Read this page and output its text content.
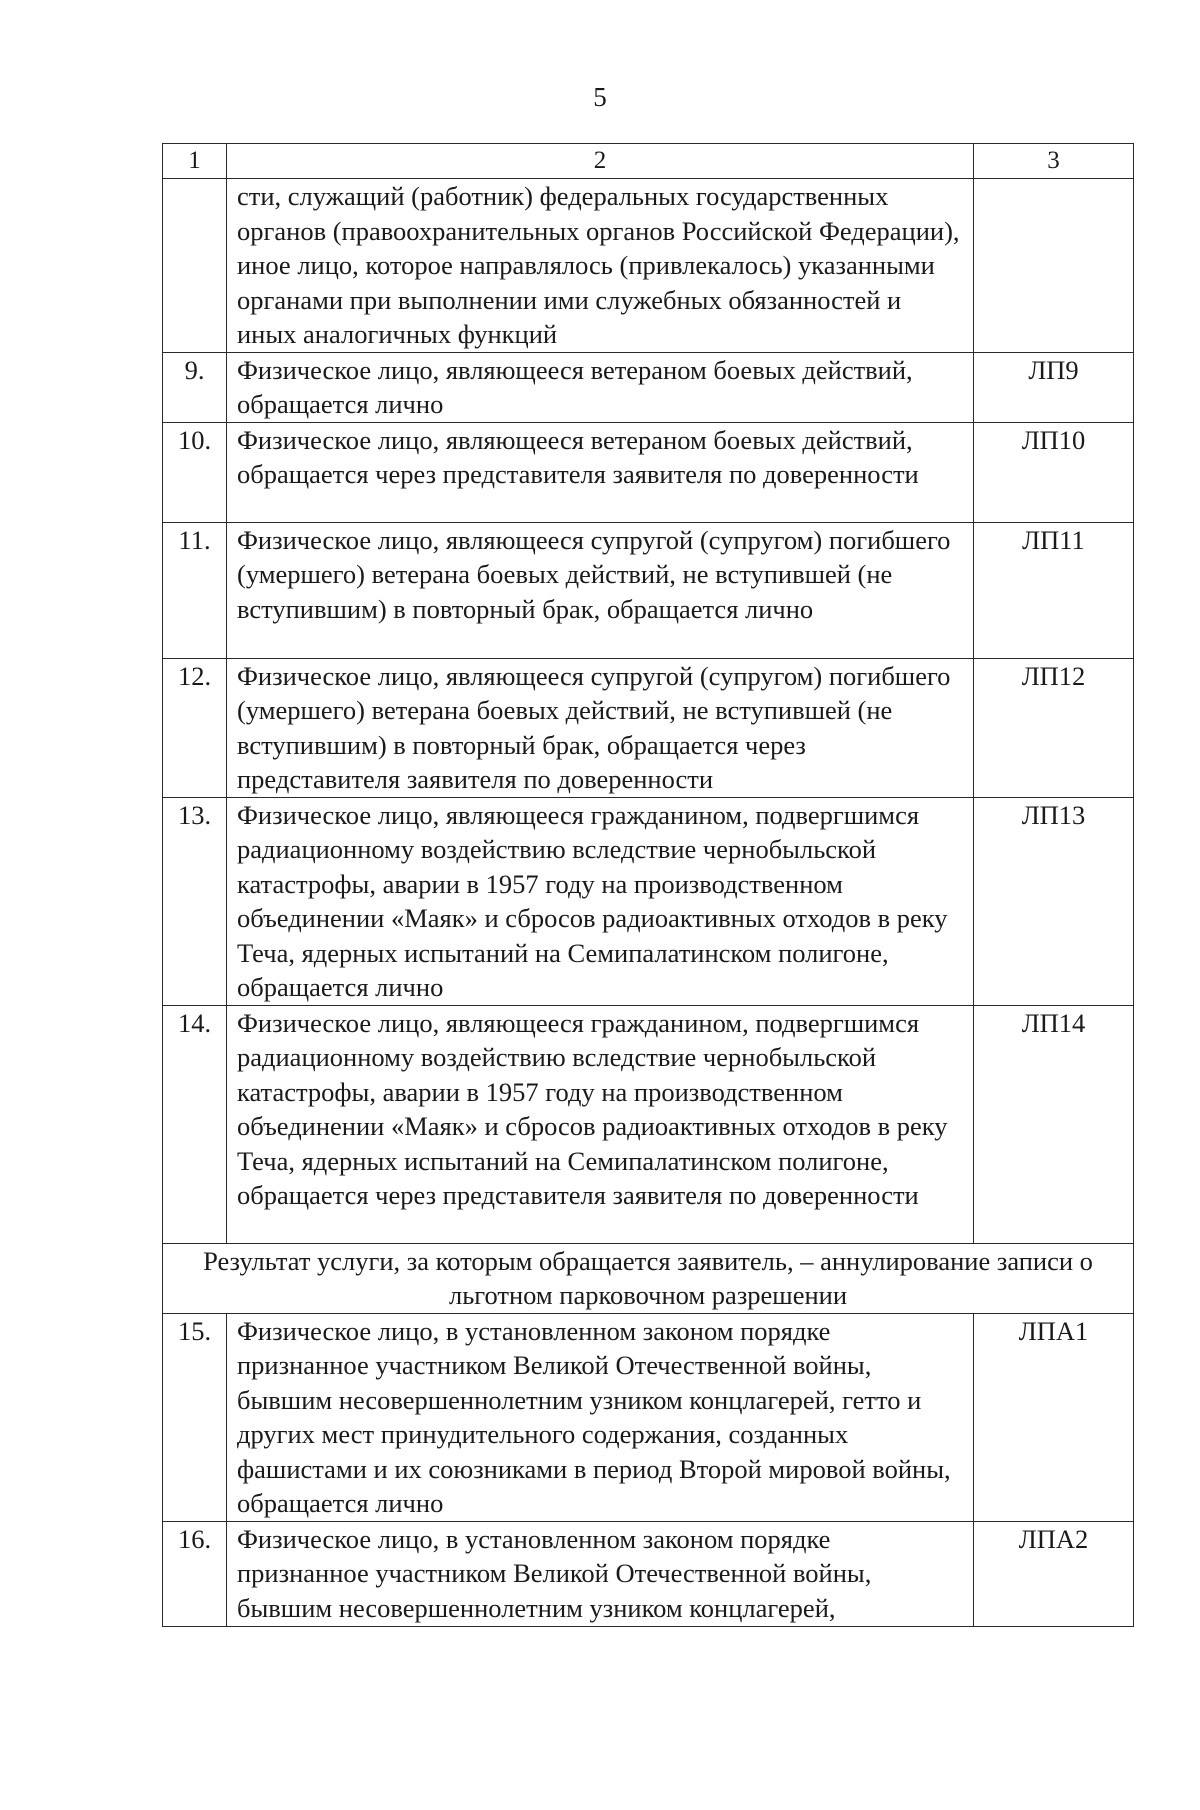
5
1	2	3
	сти, служащий (работник) федеральных государственных органов (правоохранительных органов Российской Федерации), иное лицо, которое направлялось (привлекалось) указанными органами при выполнении ими служебных обязанностей и иных аналогичных функций	
9.	Физическое лицо, являющееся ветераном боевых действий, обращается лично	ЛП9
10.	Физическое лицо, являющееся ветераном боевых действий, обращается через представителя заявителя по доверенности	ЛП10
11.	Физическое лицо, являющееся супругой (супругом) погибшего (умершего) ветерана боевых действий, не вступившей (не вступившим) в повторный брак, обращается лично	ЛП11
12.	Физическое лицо, являющееся супругой (супругом) погибшего (умершего) ветерана боевых действий, не вступившей (не вступившим) в повторный брак, обращается через представителя заявителя по доверенности	ЛП12
13.	Физическое лицо, являющееся гражданином, подвергшимся радиационному воздействию вследствие чернобыльской катастрофы, аварии в 1957 году на производственном объединении «Маяк» и сбросов радиоактивных отходов в реку Теча, ядерных испытаний на Семипалатинском полигоне, обращается лично	ЛП13
14.	Физическое лицо, являющееся гражданином, подвергшимся радиационному воздействию вследствие чернобыльской катастрофы, аварии в 1957 году на производственном объединении «Маяк» и сбросов радиоактивных отходов в реку Теча, ядерных испытаний на Семипалатинском полигоне, обращается через представителя заявителя по доверенности	ЛП14
Результат услуги, за которым обращается заявитель, – аннулирование записи о льготном парковочном разрешении		
15.	Физическое лицо, в установленном законом порядке признанное участником Великой Отечественной войны, бывшим несовершеннолетним узником концлагерей, гетто и других мест принудительного содержания, созданных фашистами и их союзниками в период Второй мировой войны, обращается лично	ЛПА1
16.	Физическое лицо, в установленном законом порядке признанное участником Великой Отечественной войны, бывшим несовершеннолетним узником концлагерей,	ЛПА2
